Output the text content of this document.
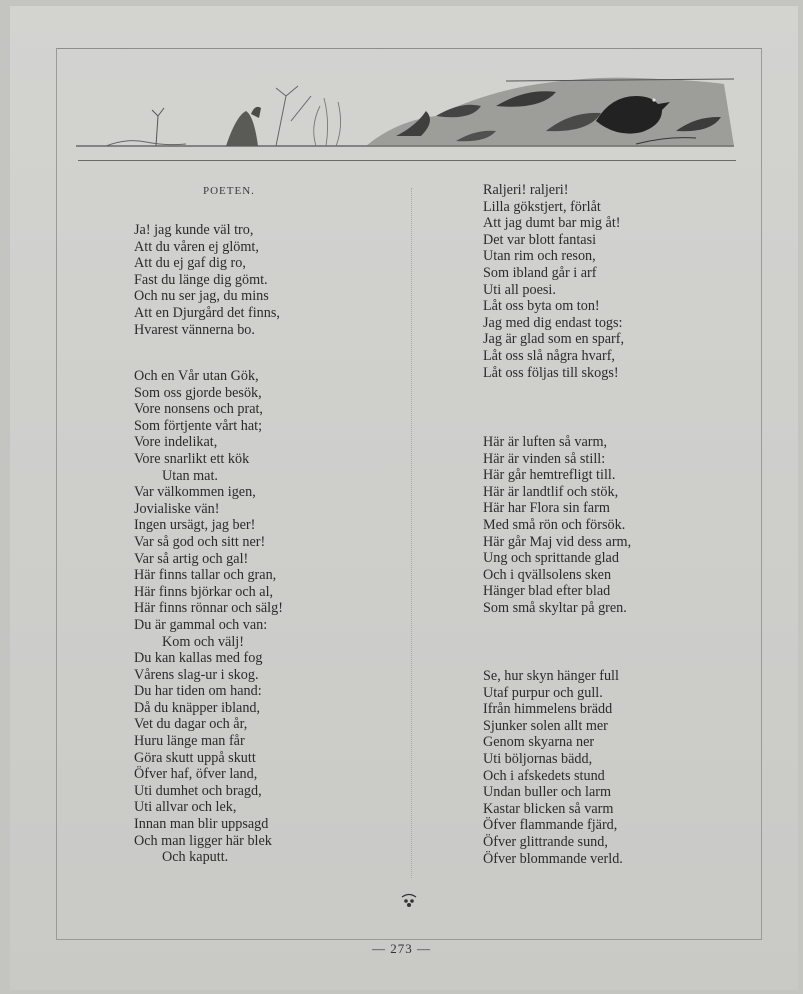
POETEN.
Ja! jag kunde väl tro,
Att du våren ej glömt,
Att du ej gaf dig ro,
Fast du länge dig gömt.
Och nu ser jag, du mins
Att en Djurgård det finns,
Hvarest vännerna bo.
Och en Vår utan Gök,
Som oss gjorde besök,
Vore nonsens och prat,
Som förtjente vårt hat;
Vore indelikat,
Vore snarlikt ett kök
Utan mat.
Var välkommen igen,
Jovialiske vän!
Ingen ursägt, jag ber!
Var så god och sitt ner!
Var så artig och gal!
Här finns tallar och gran,
Här finns björkar och al,
Här finns rönnar och sälg!
Du är gammal och van:
Kom och välj!
Du kan kallas med fog
Vårens slag-ur i skog.
Du har tiden om hand:
Då du knäpper ibland,
Vet du dagar och år,
Huru länge man får
Göra skutt uppå skutt
Öfver haf, öfver land,
Uti dumhet och bragd,
Uti allvar och lek,
Innan man blir uppsagd
Och man ligger här blek
Och kaputt.
Raljeri! raljeri!
Lilla gökstjert, förlåt
Att jag dumt bar mig åt!
Det var blott fantasi
Utan rim och reson,
Som ibland går i arf
Uti all poesi.
Låt oss byta om ton!
Jag med dig endast togs:
Jag är glad som en sparf,
Låt oss slå några hvarf,
Låt oss följas till skogs!
Här är luften så varm,
Här är vinden så still:
Här går hemtrefligt till.
Här är landtlif och stök,
Här har Flora sin farm
Med små rön och försök.
Här går Maj vid dess arm,
Ung och sprittande glad
Och i qvällsolens sken
Hänger blad efter blad
Som små skyltar på gren.
Se, hur skyn hänger full
Utaf purpur och gull.
Ifrån himmelens brädd
Sjunker solen allt mer
Genom skyarna ner
Uti böljornas bädd,
Och i afskedets stund
Undan buller och larm
Kastar blicken så varm
Öfver flammande fjärd,
Öfver glittrande sund,
Öfver blommande verld.
— 273 —
